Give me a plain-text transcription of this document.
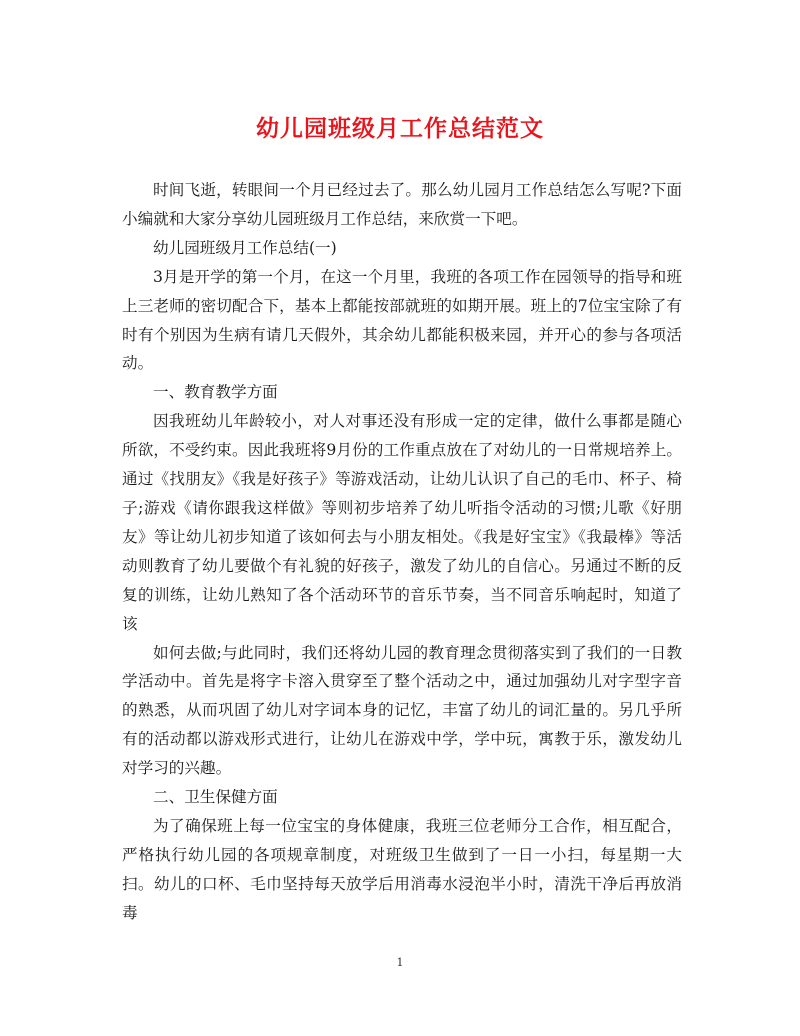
幼儿园班级月工作总结范文

时间飞逝，转眼间一个月已经过去了。那么幼儿园月工作总结怎么写呢?下面小编就和大家分享幼儿园班级月工作总结，来欣赏一下吧。

幼儿园班级月工作总结(一)

3月是开学的第一个月，在这一个月里，我班的各项工作在园领导的指导和班上三老师的密切配合下，基本上都能按部就班的如期开展。班上的7位宝宝除了有时有个别因为生病有请几天假外，其余幼儿都能积极来园，并开心的参与各项活动。

一、教育教学方面

因我班幼儿年龄较小，对人对事还没有形成一定的定律，做什么事都是随心所欲，不受约束。因此我班将9月份的工作重点放在了对幼儿的一日常规培养上。通过《找朋友》《我是好孩子》等游戏活动，让幼儿认识了自己的毛巾、杯子、椅子;游戏《请你跟我这样做》等则初步培养了幼儿听指令活动的习惯;儿歌《好朋友》等让幼儿初步知道了该如何去与小朋友相处。《我是好宝宝》《我最棒》等活动则教育了幼儿要做个有礼貌的好孩子，激发了幼儿的自信心。另通过不断的反复的训练，让幼儿熟知了各个活动环节的音乐节奏，当不同音乐响起时，知道了该

如何去做;与此同时，我们还将幼儿园的教育理念贯彻落实到了我们的一日教学活动中。首先是将字卡溶入贯穿至了整个活动之中，通过加强幼儿对字型字音的熟悉，从而巩固了幼儿对字词本身的记忆，丰富了幼儿的词汇量的。另几乎所有的活动都以游戏形式进行，让幼儿在游戏中学，学中玩，寓教于乐，激发幼儿对学习的兴趣。

二、卫生保健方面

为了确保班上每一位宝宝的身体健康，我班三位老师分工合作，相互配合，严格执行幼儿园的各项规章制度，对班级卫生做到了一日一小扫，每星期一大扫。幼儿的口杯、毛巾坚持每天放学后用消毒水浸泡半小时，清洗干净后再放消毒

1
